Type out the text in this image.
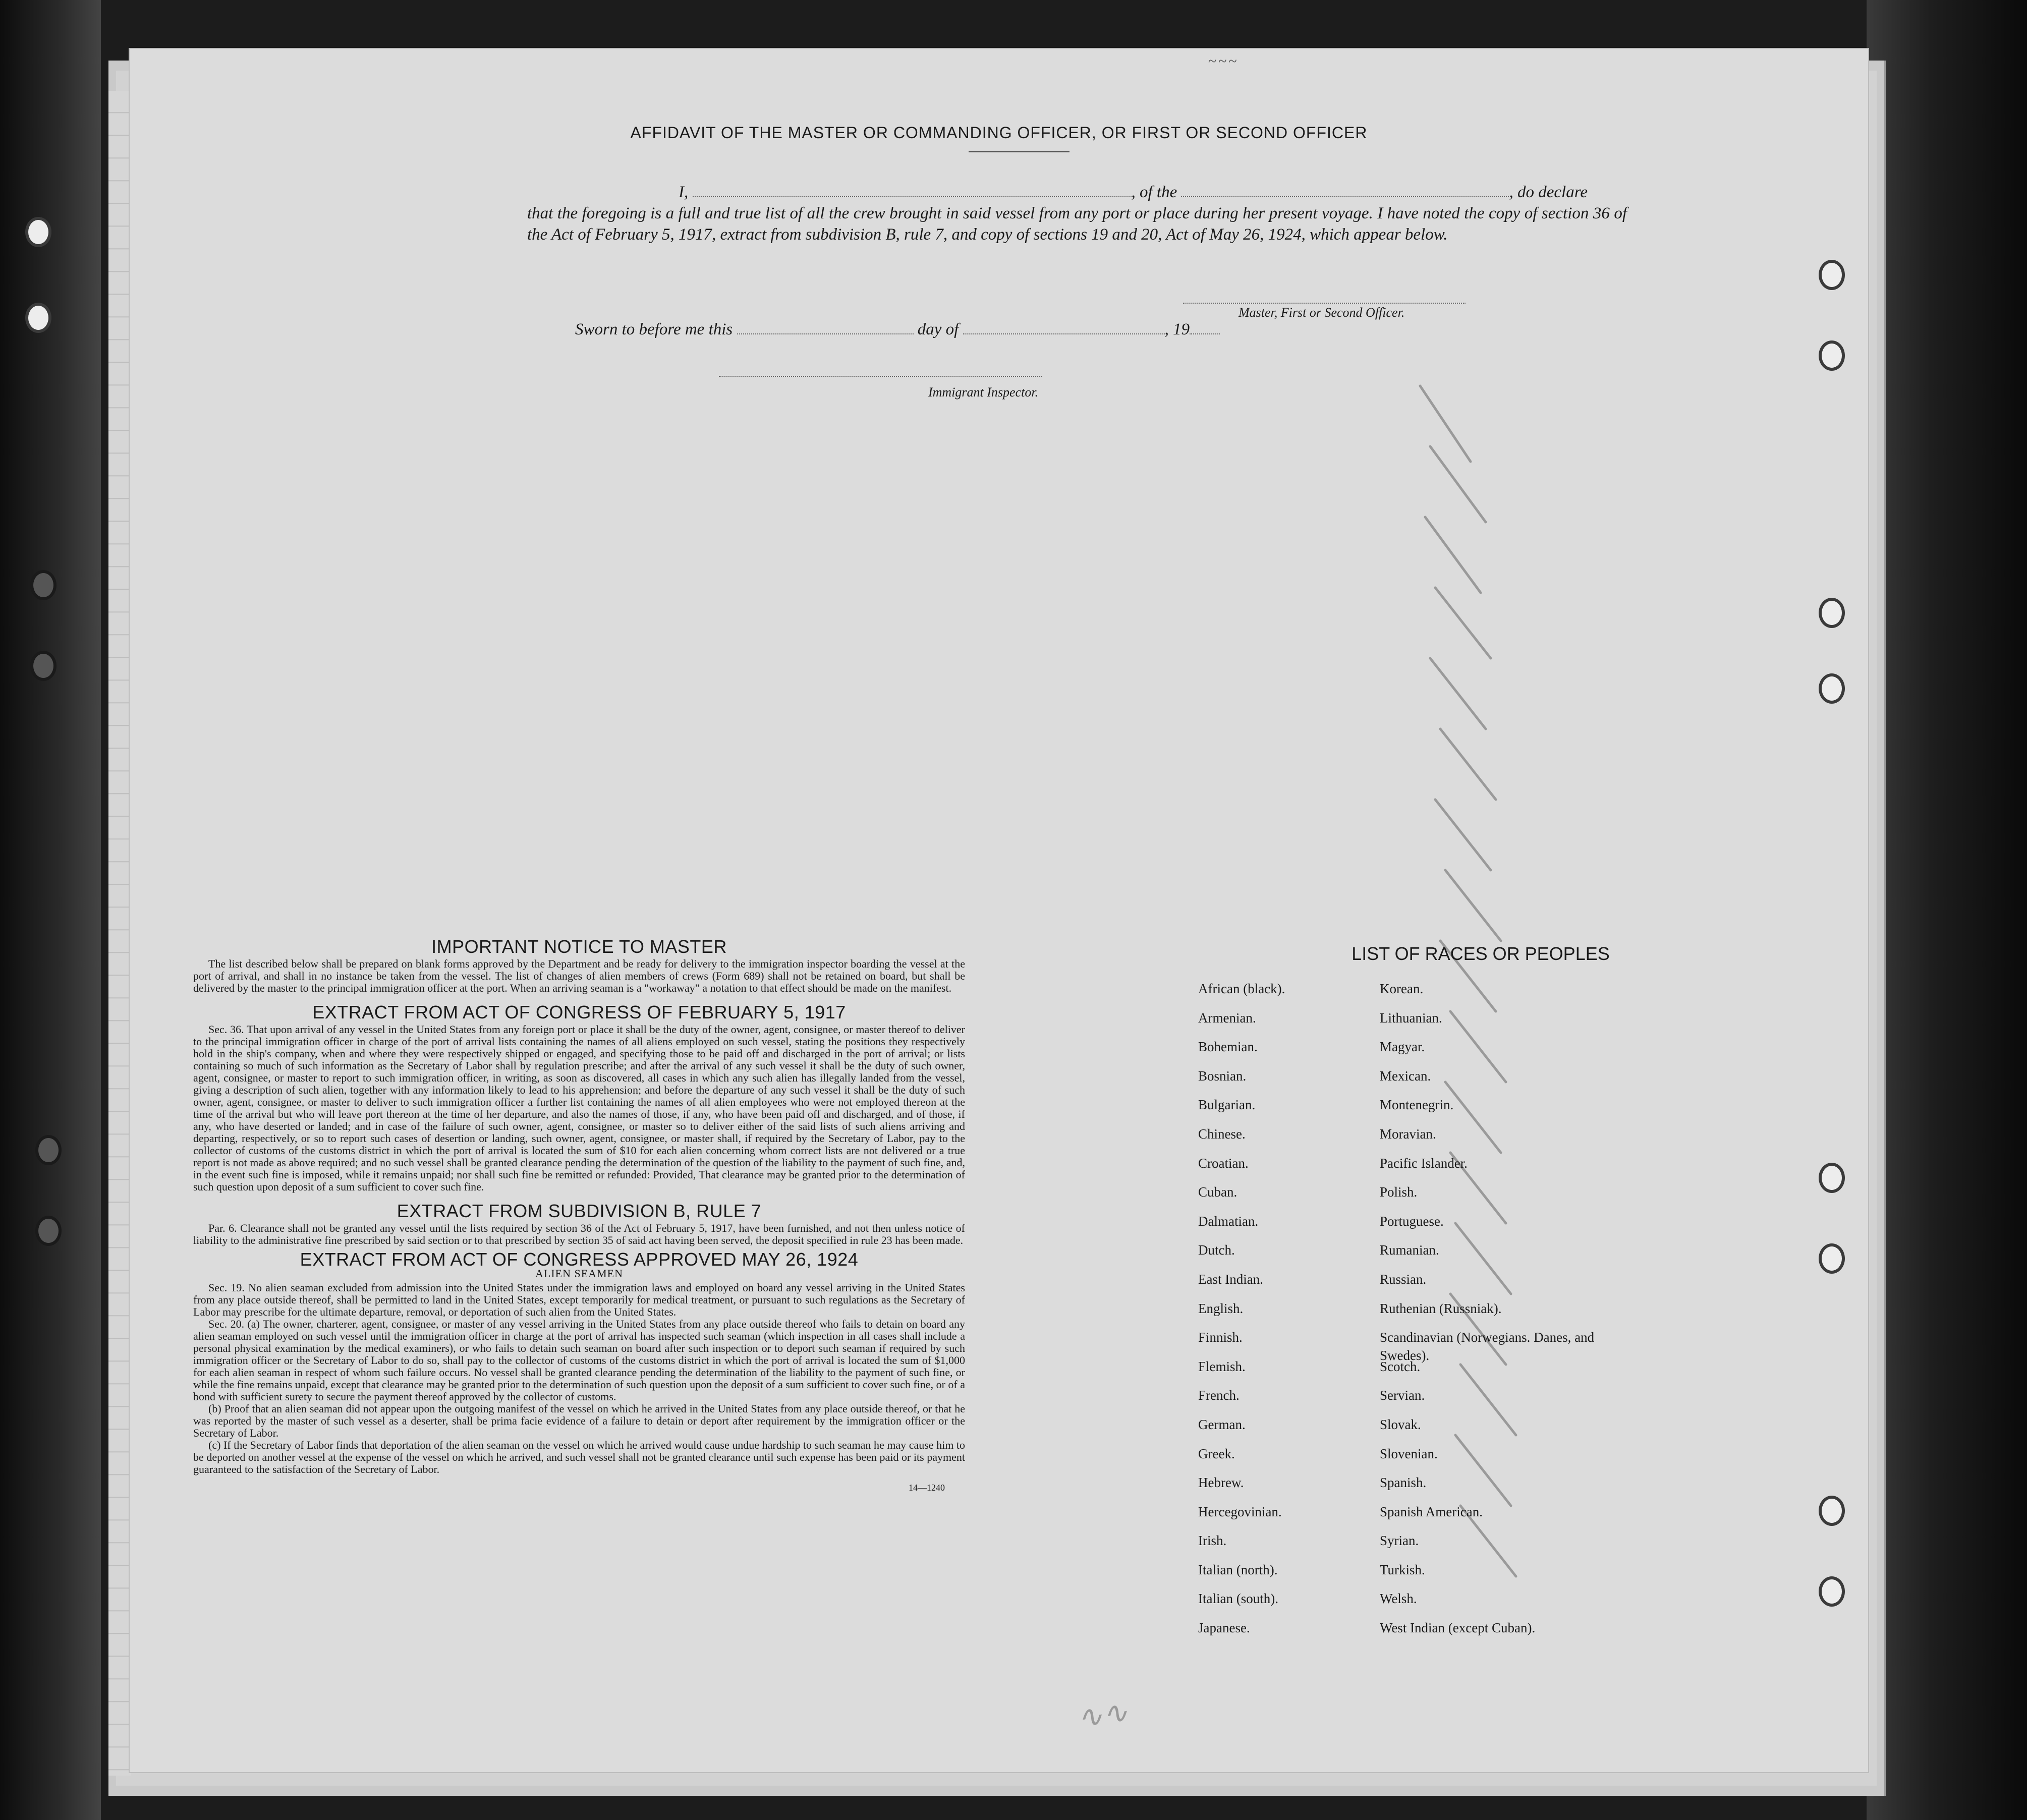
~~~
AFFIDAVIT OF THE MASTER OR COMMANDING OFFICER, OR FIRST OR SECOND OFFICER

I,	, of the	, do declare

that the foregoing is a full and true list of all the crew brought in said vessel from any port or place during her present voyage. I have noted the copy of section 36 of the Act of February 5, 1917, extract from subdivision B, rule 7, and copy of sections 19 and 20, Act of May 26, 1924, which appear below.

Master, First or Second Officer.
Sworn to before me this	day of	, 19
Immigrant Inspector.
IMPORTANT NOTICE TO MASTER

The list described below shall be prepared on blank forms approved by the Department and be ready for delivery to the immigration inspector boarding the vessel at the port of arrival, and shall in no instance be taken from the vessel. The list of changes of alien members of crews (Form 689) shall not be retained on board, but shall be delivered by the master to the principal immigration officer at the port. When an arriving seaman is a "workaway" a notation to that effect should be made on the manifest.

EXTRACT FROM ACT OF CONGRESS OF FEBRUARY 5, 1917

Sec. 36. That upon arrival of any vessel in the United States from any foreign port or place it shall be the duty of the owner, agent, consignee, or master thereof to deliver to the principal immigration officer in charge of the port of arrival lists containing the names of all aliens employed on such vessel, stating the positions they respectively hold in the ship's company, when and where they were respectively shipped or engaged, and specifying those to be paid off and discharged in the port of arrival; or lists containing so much of such information as the Secretary of Labor shall by regulation prescribe; and after the arrival of any such vessel it shall be the duty of such owner, agent, consignee, or master to report to such immigration officer, in writing, as soon as discovered, all cases in which any such alien has illegally landed from the vessel, giving a description of such alien, together with any information likely to lead to his apprehension; and before the departure of any such vessel it shall be the duty of such owner, agent, consignee, or master to deliver to such immigration officer a further list containing the names of all alien employees who were not employed thereon at the time of the arrival but who will leave port thereon at the time of her departure, and also the names of those, if any, who have been paid off and discharged, and of those, if any, who have deserted or landed; and in case of the failure of such owner, agent, consignee, or master so to deliver either of the said lists of such aliens arriving and departing, respectively, or so to report such cases of desertion or landing, such owner, agent, consignee, or master shall, if required by the Secretary of Labor, pay to the collector of customs of the customs district in which the port of arrival is located the sum of $10 for each alien concerning whom correct lists are not delivered or a true report is not made as above required; and no such vessel shall be granted clearance pending the determination of the question of the liability to the payment of such fine, and, in the event such fine is imposed, while it remains unpaid; nor shall such fine be remitted or refunded: Provided, That clearance may be granted prior to the determination of such question upon deposit of a sum sufficient to cover such fine.

EXTRACT FROM SUBDIVISION B, RULE 7

Par. 6. Clearance shall not be granted any vessel until the lists required by section 36 of the Act of February 5, 1917, have been furnished, and not then unless notice of liability to the administrative fine prescribed by said section or to that prescribed by section 35 of said act having been served, the deposit specified in rule 23 has been made.

EXTRACT FROM ACT OF CONGRESS APPROVED MAY 26, 1924
ALIEN SEAMEN

Sec. 19. No alien seaman excluded from admission into the United States under the immigration laws and employed on board any vessel arriving in the United States from any place outside thereof, shall be permitted to land in the United States, except temporarily for medical treatment, or pursuant to such regulations as the Secretary of Labor may prescribe for the ultimate departure, removal, or deportation of such alien from the United States.

Sec. 20. (a) The owner, charterer, agent, consignee, or master of any vessel arriving in the United States from any place outside thereof who fails to detain on board any alien seaman employed on such vessel until the immigration officer in charge at the port of arrival has inspected such seaman (which inspection in all cases shall include a personal physical examination by the medical examiners), or who fails to detain such seaman on board after such inspection or to deport such seaman if required by such immigration officer or the Secretary of Labor to do so, shall pay to the collector of customs of the customs district in which the port of arrival is located the sum of $1,000 for each alien seaman in respect of whom such failure occurs. No vessel shall be granted clearance pending the determination of the liability to the payment of such fine, or while the fine remains unpaid, except that clearance may be granted prior to the determination of such question upon the deposit of a sum sufficient to cover such fine, or of a bond with sufficient surety to secure the payment thereof approved by the collector of customs.

(b) Proof that an alien seaman did not appear upon the outgoing manifest of the vessel on which he arrived in the United States from any place outside thereof, or that he was reported by the master of such vessel as a deserter, shall be prima facie evidence of a failure to detain or deport after requirement by the immigration officer or the Secretary of Labor.

(c) If the Secretary of Labor finds that deportation of the alien seaman on the vessel on which he arrived would cause undue hardship to such seaman he may cause him to be deported on another vessel at the expense of the vessel on which he arrived, and such vessel shall not be granted clearance until such expense has been paid or its payment guaranteed to the satisfaction of the Secretary of Labor.

14—1240
LIST OF RACES OR PEOPLES
African (black).	Korean.
Armenian.	Lithuanian.
Bohemian.	Magyar.
Bosnian.	Mexican.
Bulgarian.	Montenegrin.
Chinese.	Moravian.
Croatian.	Pacific Islander.
Cuban.	Polish.
Dalmatian.	Portuguese.
Dutch.	Rumanian.
East Indian.	Russian.
English.	Ruthenian (Russniak).
Finnish.	Scandinavian (Norwegians. Danes, and Swedes).
Flemish.	Scotch.
French.	Servian.
German.	Slovak.
Greek.	Slovenian.
Hebrew.	Spanish.
Hercegovinian.	Spanish American.
Irish.	Syrian.
Italian (north).	Turkish.
Italian (south).	Welsh.
Japanese.	West Indian (except Cuban).
∿∿
